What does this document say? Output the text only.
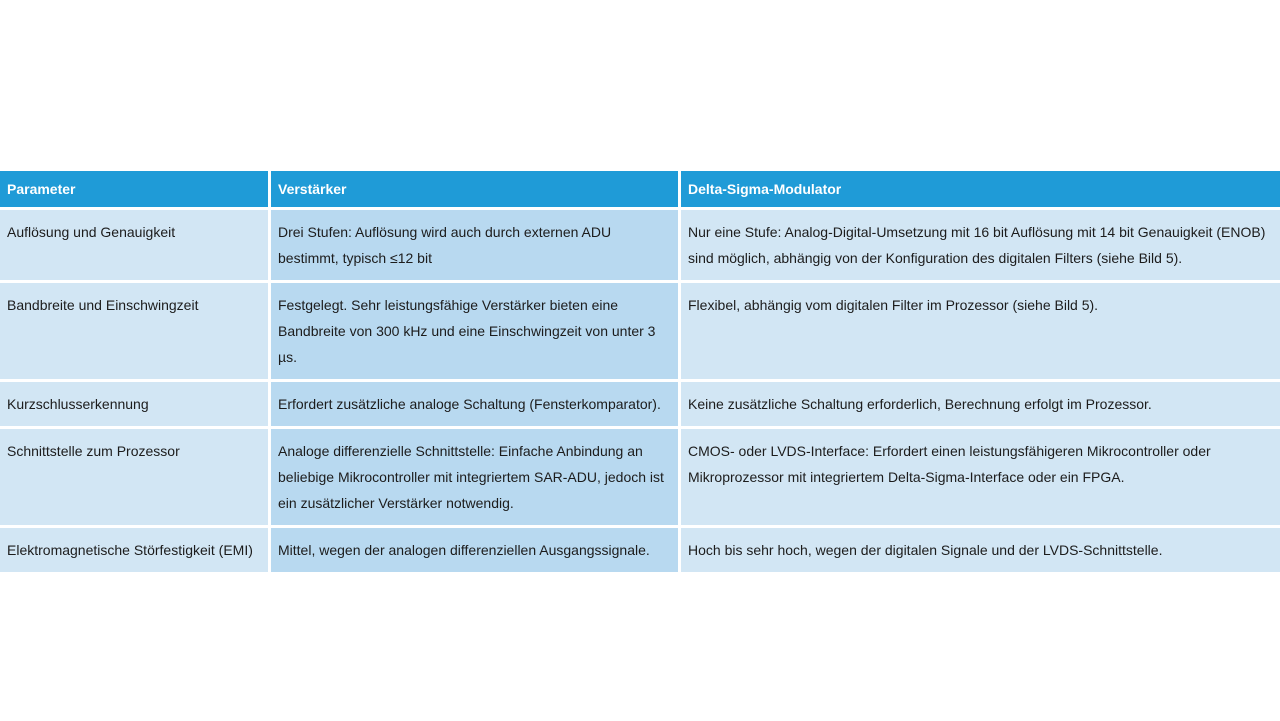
Parameter	Verstärker	Delta-Sigma-Modulator
Auflösung und Genauigkeit	Drei Stufen: Auflösung wird auch durch externen ADU bestimmt, typisch ≤12 bit	Nur eine Stufe: Analog-Digital-Umsetzung mit 16 bit Auflösung mit 14 bit Genauigkeit (ENOB) sind möglich, abhängig von der Konfiguration des digitalen Filters (siehe Bild 5).
Bandbreite und Einschwingzeit	Festgelegt. Sehr leistungsfähige Verstärker bieten eine Bandbreite von 300 kHz und eine Einschwingzeit von unter 3 µs.	Flexibel, abhängig vom digitalen Filter im Prozessor (siehe Bild 5).
Kurzschlusserkennung	Erfordert zusätzliche analoge Schaltung (Fensterkomparator).	Keine zusätzliche Schaltung erforderlich, Berechnung erfolgt im Prozessor.
Schnittstelle zum Prozessor	Analoge differenzielle Schnittstelle: Einfache Anbindung an beliebige Mikrocontroller mit integriertem SAR-ADU, jedoch ist ein zusätzlicher Verstärker notwendig.	CMOS- oder LVDS-Interface: Erfordert einen leistungsfähigeren Mikrocontroller oder Mikroprozessor mit integriertem Delta-Sigma-Interface oder ein FPGA.
Elektromagnetische Störfestigkeit (EMI)	Mittel, wegen der analogen differenziellen Ausgangssignale.	Hoch bis sehr hoch, wegen der digitalen Signale und der LVDS-Schnittstelle.
